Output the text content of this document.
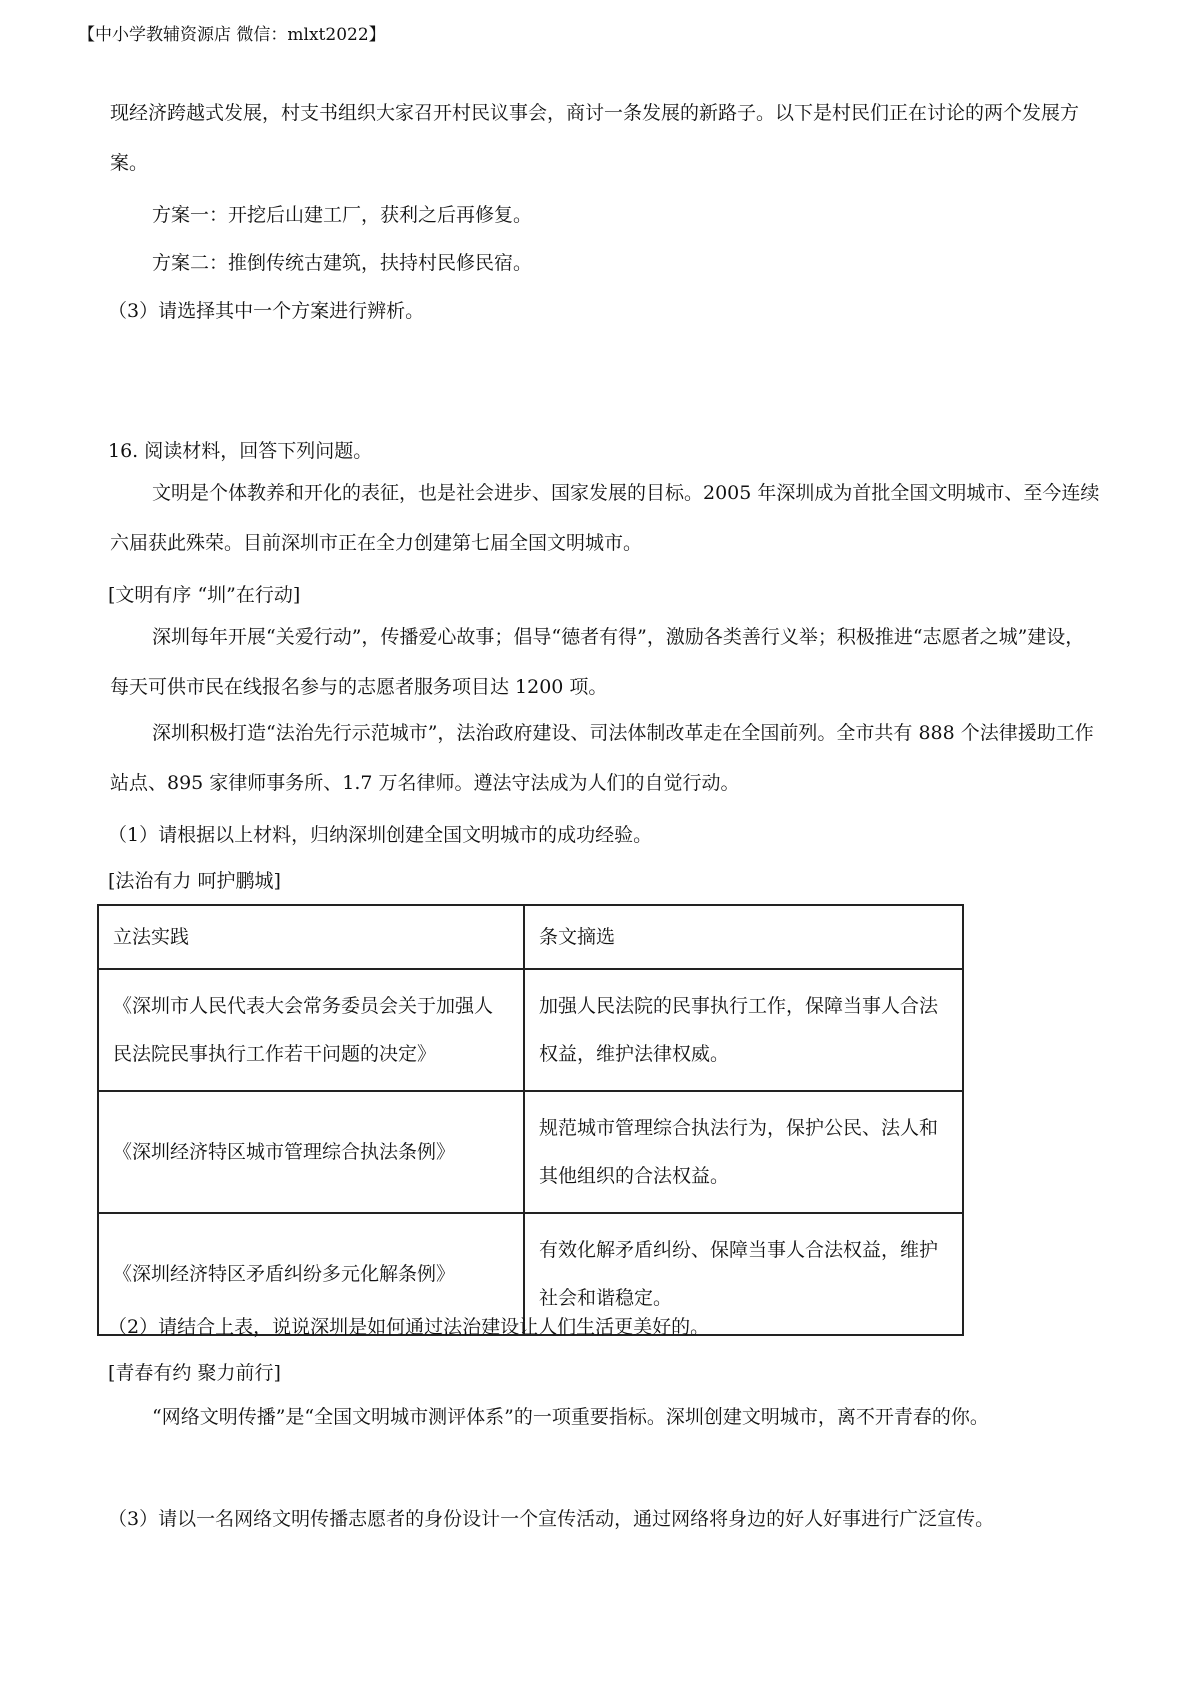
【中小学教辅资源店 微信：mlxt2022】
现经济跨越式发展，村支书组织大家召开村民议事会，商讨一条发展的新路子。以下是村民们正在讨论的两个发展方案。
方案一：开挖后山建工厂，获利之后再修复。
方案二：推倒传统古建筑，扶持村民修民宿。
（3）请选择其中一个方案进行辨析。
16. 阅读材料，回答下列问题。
文明是个体教养和开化的表征，也是社会进步、国家发展的目标。2005 年深圳成为首批全国文明城市、至今连续六届获此殊荣。目前深圳市正在全力创建第七届全国文明城市。
[文明有序 “圳”在行动]
深圳每年开展“关爱行动”，传播爱心故事；倡导“德者有得”，激励各类善行义举；积极推进“志愿者之城”建设，每天可供市民在线报名参与的志愿者服务项目达 1200 项。
深圳积极打造“法治先行示范城市”，法治政府建设、司法体制改革走在全国前列。全市共有 888 个法律援助工作站点、895 家律师事务所、1.7 万名律师。遵法守法成为人们的自觉行动。
（1）请根据以上材料，归纳深圳创建全国文明城市的成功经验。
[法治有力 呵护鹏城]
立法实践	条文摘选
《深圳市人民代表大会常务委员会关于加强人民法院民事执行工作若干问题的决定》	加强人民法院的民事执行工作，保障当事人合法权益，维护法律权威。
《深圳经济特区城市管理综合执法条例》	规范城市管理综合执法行为，保护公民、法人和其他组织的合法权益。
《深圳经济特区矛盾纠纷多元化解条例》	有效化解矛盾纠纷、保障当事人合法权益，维护社会和谐稳定。
（2）请结合上表，说说深圳是如何通过法治建设让人们生活更美好的。
[青春有约 聚力前行]
“网络文明传播”是“全国文明城市测评体系”的一项重要指标。深圳创建文明城市，离不开青春的你。
（3）请以一名网络文明传播志愿者的身份设计一个宣传活动，通过网络将身边的好人好事进行广泛宣传。
